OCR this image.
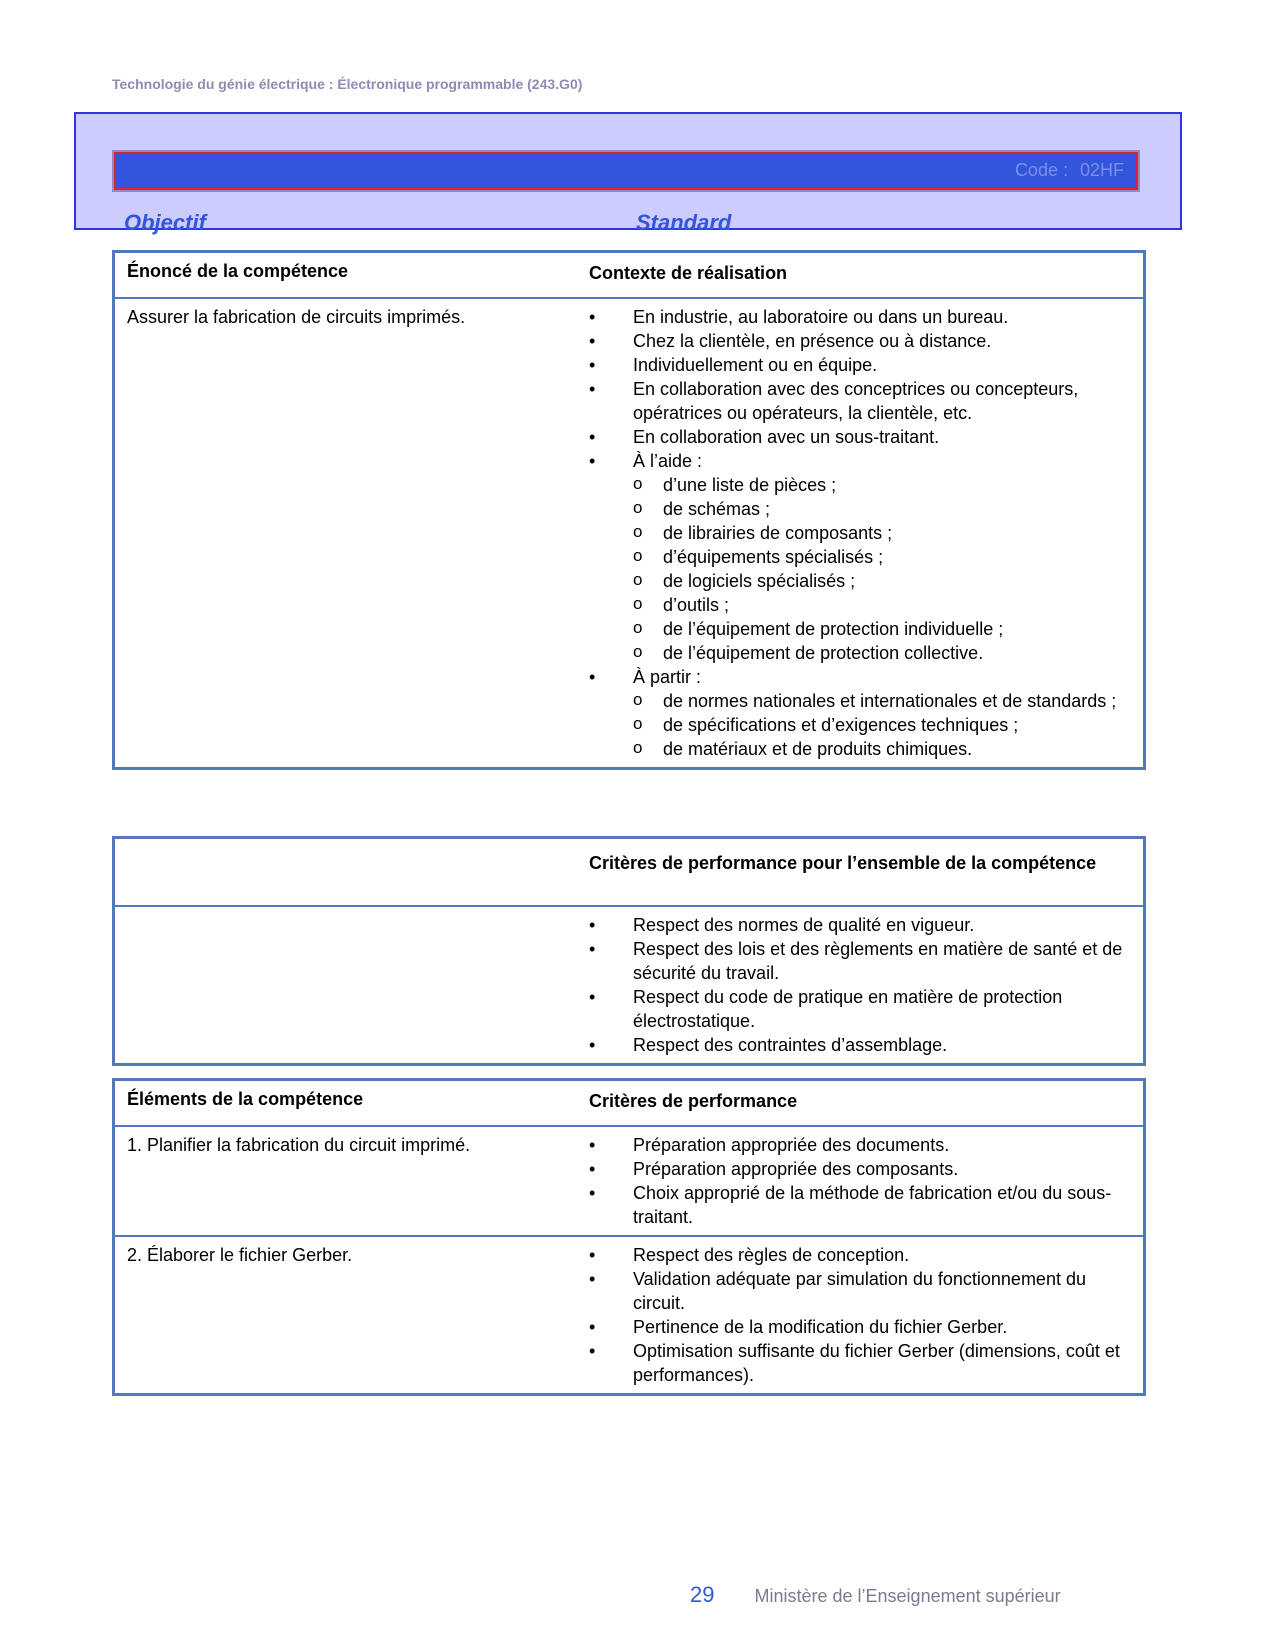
Technologie du génie électrique : Électronique programmable (243.G0)
Code : 02HF
Objectif	Standard
Énoncé de la compétence	Contexte de réalisation
Assurer la fabrication de circuits imprimés.	• En industrie, au laboratoire ou dans un bureau.
• Chez la clientèle, en présence ou à distance.
• Individuellement ou en équipe.
• En collaboration avec des conceptrices ou concepteurs, opératrices ou opérateurs, la clientèle, etc.
• En collaboration avec un sous-traitant.
• À l’aide :
o d’une liste de pièces ;
o de schémas ;
o de librairies de composants ;
o d’équipements spécialisés ;
o de logiciels spécialisés ;
o d’outils ;
o de l’équipement de protection individuelle ;
o de l’équipement de protection collective.
• À partir :
o de normes nationales et internationales et de standards ;
o de spécifications et d’exigences techniques ;
o de matériaux et de produits chimiques.
Critères de performance pour l’ensemble de la compétence
• Respect des normes de qualité en vigueur.
• Respect des lois et des règlements en matière de santé et de sécurité du travail.
• Respect du code de pratique en matière de protection électrostatique.
• Respect des contraintes d’assemblage.
Éléments de la compétence	Critères de performance
1. Planifier la fabrication du circuit imprimé.	• Préparation appropriée des documents.
• Préparation appropriée des composants.
• Choix approprié de la méthode de fabrication et/ou du sous-traitant.
2. Élaborer le fichier Gerber.	• Respect des règles de conception.
• Validation adéquate par simulation du fonctionnement du circuit.
• Pertinence de la modification du fichier Gerber.
• Optimisation suffisante du fichier Gerber (dimensions, coût et performances).
29 Ministère de l’Enseignement supérieur
